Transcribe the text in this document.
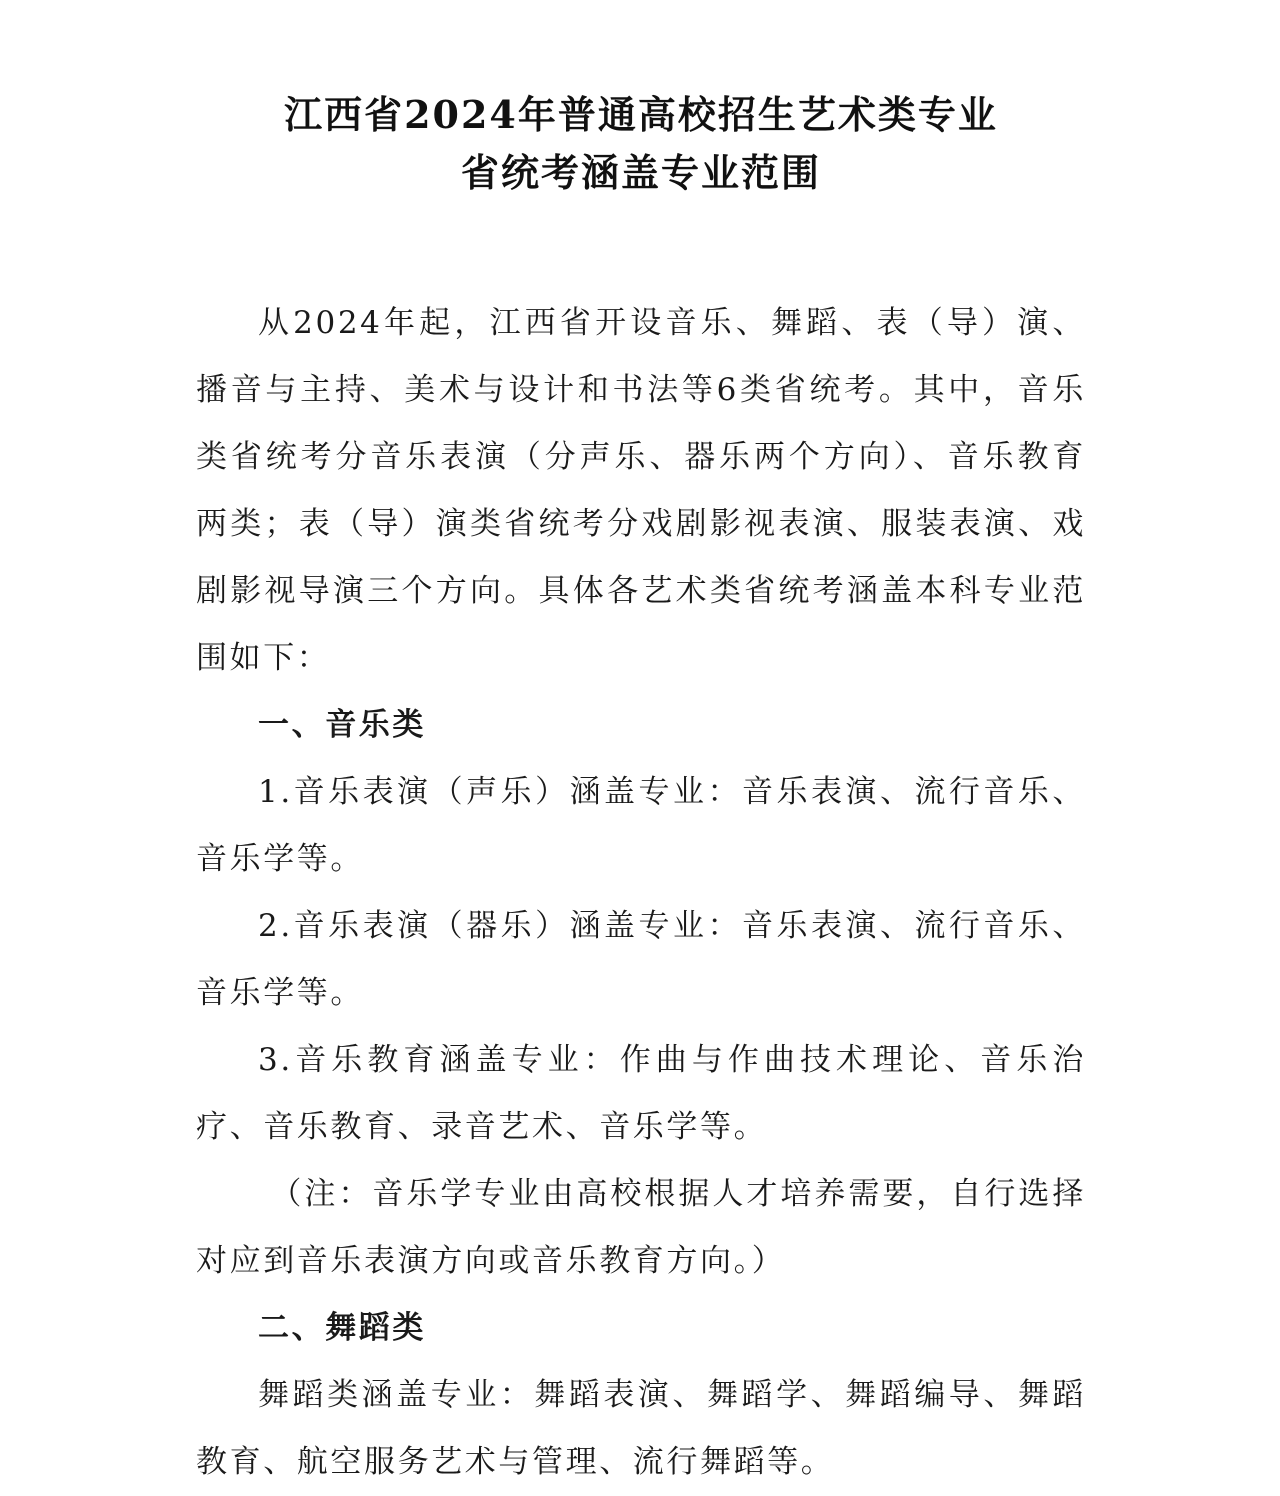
江西省2024年普通高校招生艺术类专业
省统考涵盖专业范围

从2024年起，江西省开设音乐、舞蹈、表（导）演、播音与主持、美术与设计和书法等6类省统考。其中，音乐类省统考分音乐表演（分声乐、器乐两个方向）、音乐教育两类；表（导）演类省统考分戏剧影视表演、服装表演、戏剧影视导演三个方向。具体各艺术类省统考涵盖本科专业范围如下：

一、音乐类

1.音乐表演（声乐）涵盖专业：音乐表演、流行音乐、音乐学等。

2.音乐表演（器乐）涵盖专业：音乐表演、流行音乐、音乐学等。

3.音乐教育涵盖专业：作曲与作曲技术理论、音乐治疗、音乐教育、录音艺术、音乐学等。

（注：音乐学专业由高校根据人才培养需要，自行选择对应到音乐表演方向或音乐教育方向。）

二、舞蹈类

舞蹈类涵盖专业：舞蹈表演、舞蹈学、舞蹈编导、舞蹈教育、航空服务艺术与管理、流行舞蹈等。
